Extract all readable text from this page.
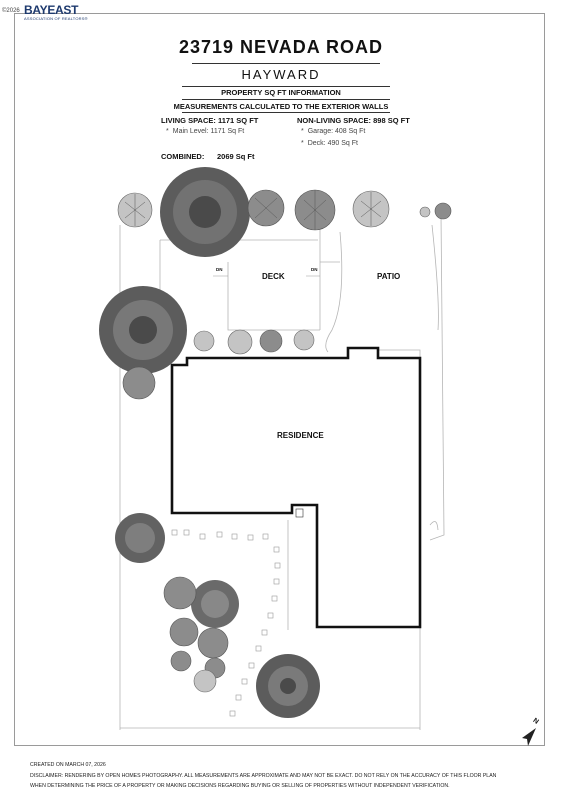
©2026 BAYEAST
ASSOCIATION OF REALTORS®
23719 NEVADA ROAD
HAYWARD
PROPERTY SQ FT INFORMATION
MEASUREMENTS CALCULATED TO THE EXTERIOR WALLS
LIVING SPACE: 1171 SQ FT
* Main Level: 1171 Sq Ft
NON-LIVING SPACE: 898 SQ FT
* Garage: 408 Sq Ft
* Deck: 490 Sq Ft
COMBINED: 2069 Sq Ft
DN	DN
DECK	PATIO
RESIDENCE
N
CREATED ON MARCH 07, 2026
DISCLAIMER: RENDERING BY OPEN HOMES PHOTOGRAPHY. ALL MEASUREMENTS ARE APPROXIMATE AND MAY NOT BE EXACT. DO NOT RELY ON THE ACCURACY OF THIS FLOOR PLAN
WHEN DETERMINING THE PRICE OF A PROPERTY OR MAKING DECISIONS REGARDING BUYING OR SELLING OF PROPERTIES WITHOUT INDEPENDENT VERIFICATION.
